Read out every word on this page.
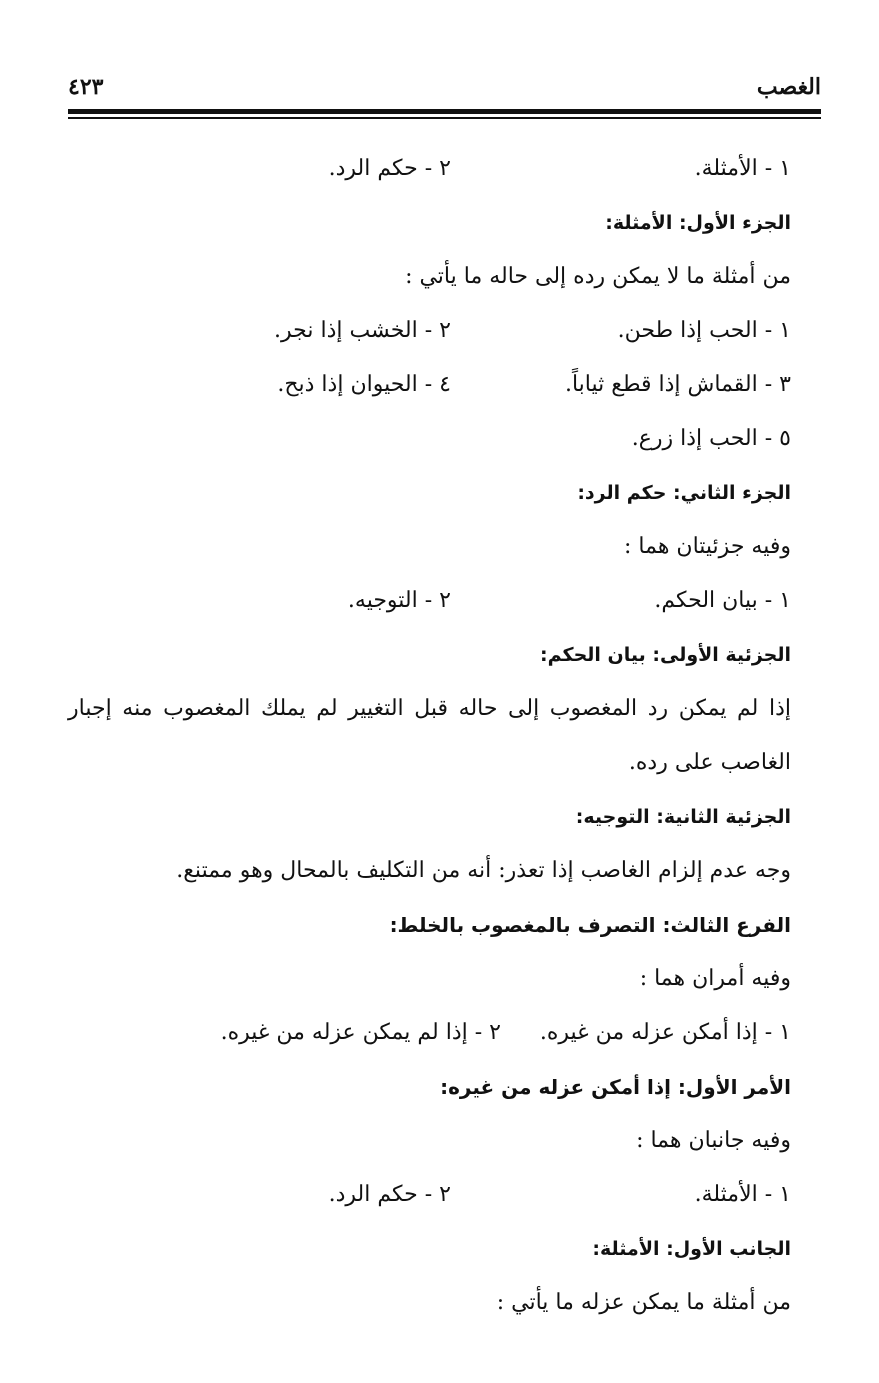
الغصب
٤٢٣
١ - الأمثلة.
٢ - حكم الرد.
الجزء الأول: الأمثلة:
من أمثلة ما لا يمكن رده إلى حاله ما يأتي :
١ - الحب إذا طحن.
٢ - الخشب إذا نجر.
٣ - القماش إذا قطع ثياباً.
٤ - الحيوان إذا ذبح.
٥ - الحب إذا زرع.
الجزء الثاني: حكم الرد:
وفيه جزئيتان هما :
١ - بيان الحكم.
٢ - التوجيه.
الجزئية الأولى: بيان الحكم:
إذا لم يمكن رد المغصوب إلى حاله قبل التغيير لم يملك المغصوب منه إجبار
الغاصب على رده.
الجزئية الثانية: التوجيه:
وجه عدم إلزام الغاصب إذا تعذر: أنه من التكليف بالمحال وهو ممتنع.
الفرع الثالث: التصرف بالمغصوب بالخلط:
وفيه أمران هما :
١ - إذا أمكن عزله من غيره.
٢ - إذا لم يمكن عزله من غيره.
الأمر الأول: إذا أمكن عزله من غيره:
وفيه جانبان هما :
١ - الأمثلة.
٢ - حكم الرد.
الجانب الأول: الأمثلة:
من أمثلة ما يمكن عزله ما يأتي :
